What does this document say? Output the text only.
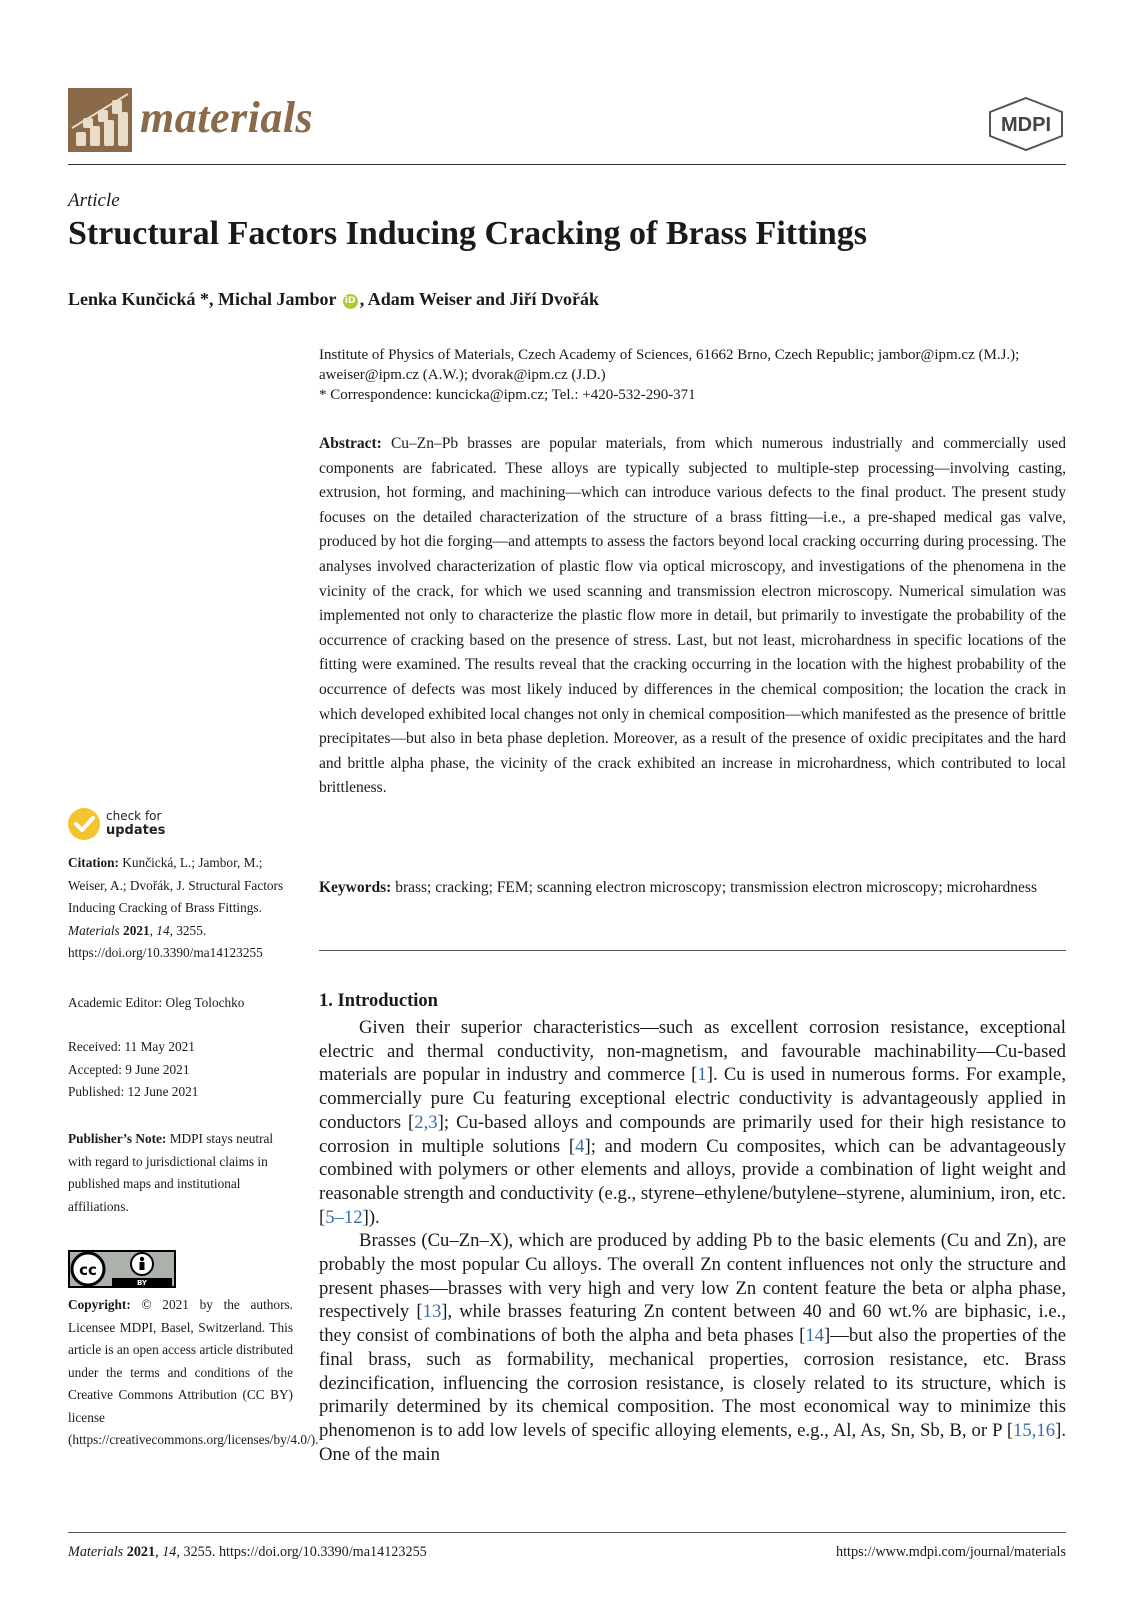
materials	MDPI
Article
Structural Factors Inducing Cracking of Brass Fittings
Lenka Kunčická *, Michal Jambor iD , Adam Weiser and Jiří Dvořák
Institute of Physics of Materials, Czech Academy of Sciences, 61662 Brno, Czech Republic; jambor@ipm.cz (M.J.);
aweiser@ipm.cz (A.W.); dvorak@ipm.cz (J.D.)
* Correspondence: kuncicka@ipm.cz; Tel.: +420-532-290-371
Abstract: Cu–Zn–Pb brasses are popular materials, from which numerous industrially and commercially used components are fabricated. These alloys are typically subjected to multiple-step processing—involving casting, extrusion, hot forming, and machining—which can introduce various defects to the final product. The present study focuses on the detailed characterization of the structure of a brass fitting—i.e., a pre-shaped medical gas valve, produced by hot die forging—and attempts to assess the factors beyond local cracking occurring during processing. The analyses involved characterization of plastic flow via optical microscopy, and investigations of the phenomena in the vicinity of the crack, for which we used scanning and transmission electron microscopy. Numerical simulation was implemented not only to characterize the plastic flow more in detail, but primarily to investigate the probability of the occurrence of cracking based on the presence of stress. Last, but not least, microhardness in specific locations of the fitting were examined. The results reveal that the cracking occurring in the location with the highest probability of the occurrence of defects was most likely induced by differences in the chemical composition; the location the crack in which developed exhibited local changes not only in chemical composition—which manifested as the presence of brittle precipitates—but also in beta phase depletion. Moreover, as a result of the presence of oxidic precipitates and the hard and brittle alpha phase, the vicinity of the crack exhibited an increase in microhardness, which contributed to local brittleness.
Keywords: brass; cracking; FEM; scanning electron microscopy; transmission electron microscopy; microhardness
1. Introduction

Given their superior characteristics—such as excellent corrosion resistance, exceptional electric and thermal conductivity, non-magnetism, and favourable machinability—Cu-based materials are popular in industry and commerce [1]. Cu is used in numerous forms. For example, commercially pure Cu featuring exceptional electric conductivity is advantageously applied in conductors [2,3]; Cu-based alloys and compounds are primarily used for their high resistance to corrosion in multiple solutions [4]; and modern Cu composites, which can be advantageously combined with polymers or other elements and alloys, provide a combination of light weight and reasonable strength and conductivity (e.g., styrene–ethylene/butylene–styrene, aluminium, iron, etc. [5–12]).

Brasses (Cu–Zn–X), which are produced by adding Pb to the basic elements (Cu and Zn), are probably the most popular Cu alloys. The overall Zn content influences not only the structure and present phases—brasses with very high and very low Zn content feature the beta or alpha phase, respectively [13], while brasses featuring Zn content between 40 and 60 wt.% are biphasic, i.e., they consist of combinations of both the alpha and beta phases [14]—but also the properties of the final brass, such as formability, mechanical properties, corrosion resistance, etc. Brass dezincification, influencing the corrosion resistance, is closely related to its structure, which is primarily determined by its chemical composition. The most economical way to minimize this phenomenon is to add low levels of specific alloying elements, e.g., Al, As, Sn, Sb, B, or P [15,16]. One of the main

check for
updates
Citation: Kunčická, L.; Jambor, M.; Weiser, A.; Dvořák, J. Structural Factors Inducing Cracking of Brass Fittings. Materials 2021, 14, 3255. https://doi.org/10.3390/ma14123255
Academic Editor: Oleg Tolochko
Received: 11 May 2021
Accepted: 9 June 2021
Published: 12 June 2021
Publisher’s Note: MDPI stays neutral with regard to jurisdictional claims in published maps and institutional affiliations.
cc
BY
Copyright: © 2021 by the authors. Licensee MDPI, Basel, Switzerland. This article is an open access article distributed under the terms and conditions of the Creative Commons Attribution (CC BY) license (https://creativecommons.org/licenses/by/4.0/).
Materials 2021, 14, 3255. https://doi.org/10.3390/ma14123255	https://www.mdpi.com/journal/materials
